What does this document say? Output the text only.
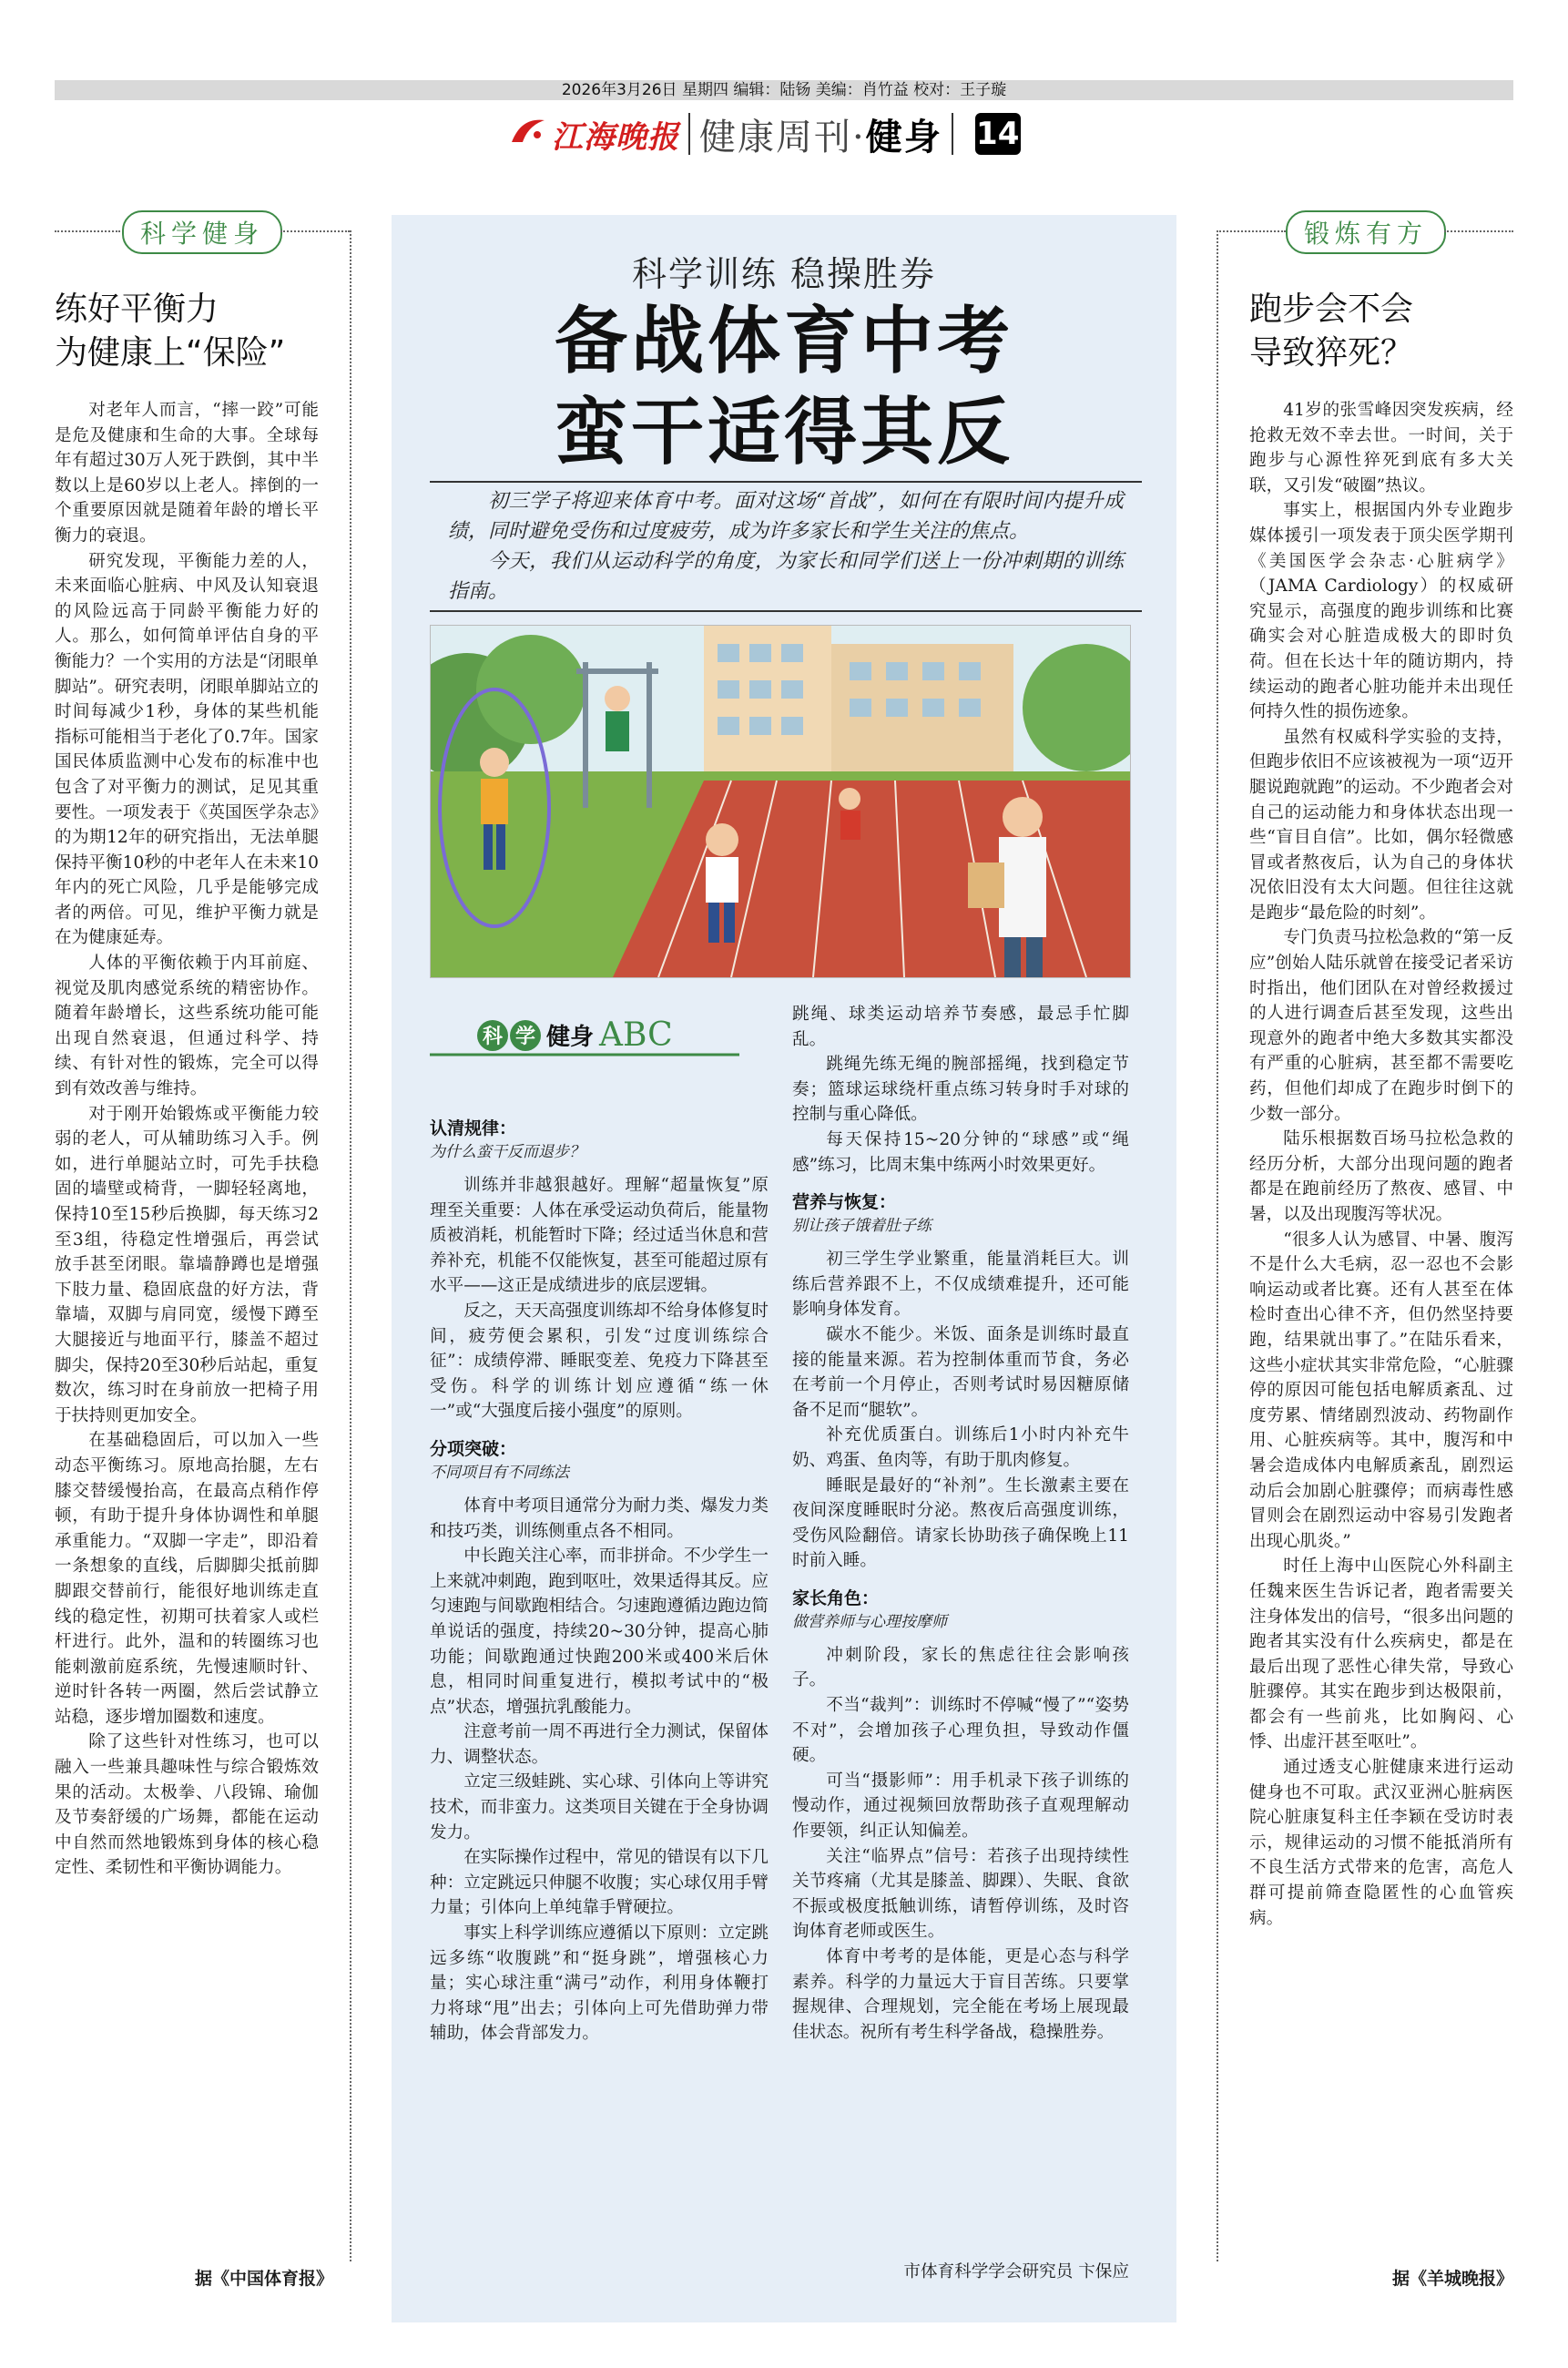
2026年3月26日 星期四 编辑：陆钖 美编：肖竹益 校对：王子璇
江海晚报 健康周刊·健身 14
科学健身
练好平衡力
为健康上“保险”

对老年人而言，“摔一跤”可能是危及健康和生命的大事。全球每年有超过30万人死于跌倒，其中半数以上是60岁以上老人。摔倒的一个重要原因就是随着年龄的增长平衡力的衰退。

研究发现，平衡能力差的人，未来面临心脏病、中风及认知衰退的风险远高于同龄平衡能力好的人。那么，如何简单评估自身的平衡能力？一个实用的方法是“闭眼单脚站”。研究表明，闭眼单脚站立的时间每减少1秒，身体的某些机能指标可能相当于老化了0.7年。国家国民体质监测中心发布的标准中也包含了对平衡力的测试，足见其重要性。一项发表于《英国医学杂志》的为期12年的研究指出，无法单腿保持平衡10秒的中老年人在未来10年内的死亡风险，几乎是能够完成者的两倍。可见，维护平衡力就是在为健康延寿。

人体的平衡依赖于内耳前庭、视觉及肌肉感觉系统的精密协作。随着年龄增长，这些系统功能可能出现自然衰退，但通过科学、持续、有针对性的锻炼，完全可以得到有效改善与维持。

对于刚开始锻炼或平衡能力较弱的老人，可从辅助练习入手。例如，进行单腿站立时，可先手扶稳固的墙壁或椅背，一脚轻轻离地，保持10至15秒后换脚，每天练习2至3组，待稳定性增强后，再尝试放手甚至闭眼。靠墙静蹲也是增强下肢力量、稳固底盘的好方法，背靠墙，双脚与肩同宽，缓慢下蹲至大腿接近与地面平行，膝盖不超过脚尖，保持20至30秒后站起，重复数次，练习时在身前放一把椅子用于扶持则更加安全。

在基础稳固后，可以加入一些动态平衡练习。原地高抬腿，左右膝交替缓慢抬高，在最高点稍作停顿，有助于提升身体协调性和单腿承重能力。“双脚一字走”，即沿着一条想象的直线，后脚脚尖抵前脚脚跟交替前行，能很好地训练走直线的稳定性，初期可扶着家人或栏杆进行。此外，温和的转圈练习也能刺激前庭系统，先慢速顺时针、逆时针各转一两圈，然后尝试静立站稳，逐步增加圈数和速度。

除了这些针对性练习，也可以融入一些兼具趣味性与综合锻炼效果的活动。太极拳、八段锦、瑜伽及节奏舒缓的广场舞，都能在运动中自然而然地锻炼到身体的核心稳定性、柔韧性和平衡协调能力。

据《中国体育报》
科学训练 稳操胜券
备战体育中考
蛮干适得其反

初三学子将迎来体育中考。面对这场“首战”，如何在有限时间内提升成绩，同时避免受伤和过度疲劳，成为许多家长和学生关注的焦点。

今天，我们从运动科学的角度，为家长和同学们送上一份冲刺期的训练指南。

科 学 健身 ABC
认清规律：
为什么蛮干反而退步？

训练并非越狠越好。理解“超量恢复”原理至关重要：人体在承受运动负荷后，能量物质被消耗，机能暂时下降；经过适当休息和营养补充，机能不仅能恢复，甚至可能超过原有水平——这正是成绩进步的底层逻辑。

反之，天天高强度训练却不给身体修复时间，疲劳便会累积，引发“过度训练综合征”：成绩停滞、睡眠变差、免疫力下降甚至受伤。科学的训练计划应遵循“练一休一”或“大强度后接小强度”的原则。

分项突破：
不同项目有不同练法

体育中考项目通常分为耐力类、爆发力类和技巧类，训练侧重点各不相同。

中长跑关注心率，而非拼命。不少学生一上来就冲刺跑，跑到呕吐，效果适得其反。应匀速跑与间歇跑相结合。匀速跑遵循边跑边简单说话的强度，持续20~30分钟，提高心肺功能；间歇跑通过快跑200米或400米后休息，相同时间重复进行，模拟考试中的“极点”状态，增强抗乳酸能力。

注意考前一周不再进行全力测试，保留体力、调整状态。

立定三级蛙跳、实心球、引体向上等讲究技术，而非蛮力。这类项目关键在于全身协调发力。

在实际操作过程中，常见的错误有以下几种：立定跳远只伸腿不收腹；实心球仅用手臂力量；引体向上单纯靠手臂硬拉。

事实上科学训练应遵循以下原则：立定跳远多练“收腹跳”和“挺身跳”，增强核心力量；实心球注重“满弓”动作，利用身体鞭打力将球“甩”出去；引体向上可先借助弹力带辅助，体会背部发力。

跳绳、球类运动培养节奏感，最忌手忙脚乱。

跳绳先练无绳的腕部摇绳，找到稳定节奏；篮球运球绕杆重点练习转身时手对球的控制与重心降低。

每天保持15~20分钟的“球感”或“绳感”练习，比周末集中练两小时效果更好。

营养与恢复：
别让孩子饿着肚子练

初三学生学业繁重，能量消耗巨大。训练后营养跟不上，不仅成绩难提升，还可能影响身体发育。

碳水不能少。米饭、面条是训练时最直接的能量来源。若为控制体重而节食，务必在考前一个月停止，否则考试时易因糖原储备不足而“腿软”。

补充优质蛋白。训练后1小时内补充牛奶、鸡蛋、鱼肉等，有助于肌肉修复。

睡眠是最好的“补剂”。生长激素主要在夜间深度睡眠时分泌。熬夜后高强度训练，受伤风险翻倍。请家长协助孩子确保晚上11时前入睡。

家长角色：
做营养师与心理按摩师

冲刺阶段，家长的焦虑往往会影响孩子。

不当“裁判”：训练时不停喊“慢了”“姿势不对”，会增加孩子心理负担，导致动作僵硬。

可当“摄影师”：用手机录下孩子训练的慢动作，通过视频回放帮助孩子直观理解动作要领，纠正认知偏差。

关注“临界点”信号：若孩子出现持续性关节疼痛（尤其是膝盖、脚踝）、失眠、食欲不振或极度抵触训练，请暂停训练，及时咨询体育老师或医生。

体育中考考的是体能，更是心态与科学素养。科学的力量远大于盲目苦练。只要掌握规律、合理规划，完全能在考场上展现最佳状态。祝所有考生科学备战，稳操胜券。

市体育科学学会研究员 卞保应
锻炼有方
跑步会不会
导致猝死？

41岁的张雪峰因突发疾病，经抢救无效不幸去世。一时间，关于跑步与心源性猝死到底有多大关联，又引发“破圈”热议。

事实上，根据国内外专业跑步媒体援引一项发表于顶尖医学期刊《美国医学会杂志·心脏病学》（JAMA Cardiology）的权威研究显示，高强度的跑步训练和比赛确实会对心脏造成极大的即时负荷。但在长达十年的随访期内，持续运动的跑者心脏功能并未出现任何持久性的损伤迹象。

虽然有权威科学实验的支持，但跑步依旧不应该被视为一项“迈开腿说跑就跑”的运动。不少跑者会对自己的运动能力和身体状态出现一些“盲目自信”。比如，偶尔轻微感冒或者熬夜后，认为自己的身体状况依旧没有太大问题。但往往这就是跑步“最危险的时刻”。

专门负责马拉松急救的“第一反应”创始人陆乐就曾在接受记者采访时指出，他们团队在对曾经救援过的人进行调查后甚至发现，这些出现意外的跑者中绝大多数其实都没有严重的心脏病，甚至都不需要吃药，但他们却成了在跑步时倒下的少数一部分。

陆乐根据数百场马拉松急救的经历分析，大部分出现问题的跑者都是在跑前经历了熬夜、感冒、中暑，以及出现腹泻等状况。

“很多人认为感冒、中暑、腹泻不是什么大毛病，忍一忍也不会影响运动或者比赛。还有人甚至在体检时查出心律不齐，但仍然坚持要跑，结果就出事了。”在陆乐看来，这些小症状其实非常危险，“心脏骤停的原因可能包括电解质紊乱、过度劳累、情绪剧烈波动、药物副作用、心脏疾病等。其中，腹泻和中暑会造成体内电解质紊乱，剧烈运动后会加剧心脏骤停；而病毒性感冒则会在剧烈运动中容易引发跑者出现心肌炎。”

时任上海中山医院心外科副主任魏来医生告诉记者，跑者需要关注身体发出的信号，“很多出问题的跑者其实没有什么疾病史，都是在最后出现了恶性心律失常，导致心脏骤停。其实在跑步到达极限前，都会有一些前兆，比如胸闷、心悸、出虚汗甚至呕吐”。

通过透支心脏健康来进行运动健身也不可取。武汉亚洲心脏病医院心脏康复科主任李颖在受访时表示，规律运动的习惯不能抵消所有不良生活方式带来的危害，高危人群可提前筛查隐匿性的心血管疾病。

据《羊城晚报》
